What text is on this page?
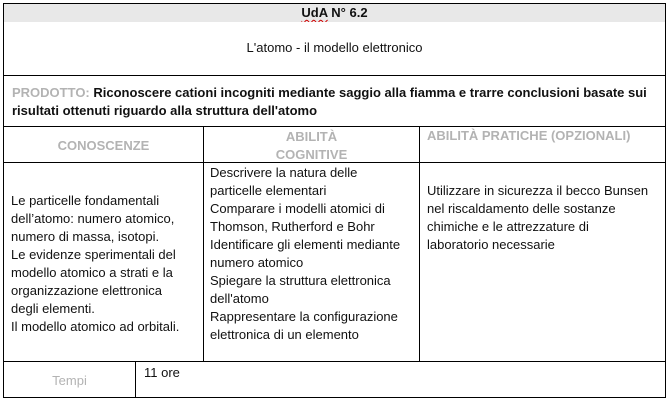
UdA N° 6.2
L'atomo - il modello elettronico
PRODOTTO: Riconoscere cationi incogniti mediante saggio alla fiamma e trarre conclusioni basate sui
risultati ottenuti riguardo alla struttura dell'atomo
CONOSCENZE
ABILITÀ
COGNITIVE
ABILITÀ PRATICHE (OPZIONALI)
Le particelle fondamentali
dell’atomo: numero atomico,
numero di massa, isotopi.
Le evidenze sperimentali del
modello atomico a strati e la
organizzazione elettronica
degli elementi.
Il modello atomico ad orbitali.
Descrivere la natura delle
particelle elementari
Comparare i modelli atomici di
Thomson, Rutherford e Bohr
Identificare gli elementi mediante
numero atomico
Spiegare la struttura elettronica
dell'atomo
Rappresentare la configurazione
elettronica di un elemento
Utilizzare in sicurezza il becco Bunsen
nel riscaldamento delle sostanze
chimiche e le attrezzature di
laboratorio necessarie
Tempi
11 ore
